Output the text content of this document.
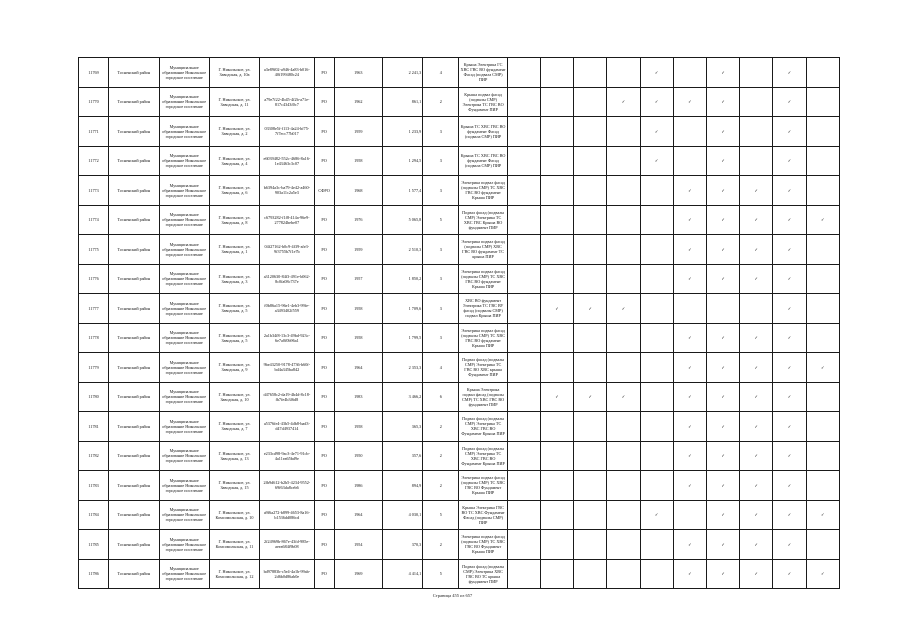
11769	Тосненский район	Муниципальное образование Никольское городское поселение	Г. Никольское, ул. Заводская, д. 10а	a3e89f02-a946-4a83-b016-40f199480c24	РО	1963	2 241,3	4	Крыша Электрика ГС ХВС ГВС ВО фундамент Фасад (подвала СМР) ПИР					✓		✓		✓	
11770	Тосненский район	Муниципальное образование Никольское городское поселение	Г. Никольское, ул. Заводская, д. 11	a79e7f22-4b45-4f2b-a71e-817c4343f0c7	РО	1962	861,1	2	Крыша подвал фасад (подвалы СМР) Электрика ТС ГВС ВО Фундамент ПИР				✓	✓	✓	✓		✓	
11771	Тосненский район	Муниципальное образование Никольское городское поселение	Г. Никольское, ул. Заводская, д. 2	03308e5f-f113-4a24-bf75-7f7ecc77b017	РО	1959	1 233,9	3	Крыша ТС ХВС ГВС ВО фундамент Фасад (подвала СМР) ПИР					✓		✓		✓	
11772	Тосненский район	Муниципальное образование Никольское городское поселение	Г. Никольское, ул. Заводская, д. 4	e6039482-552c-4686-8a16-1e43463c3c07	РО	1958	1 294,5	3	Крыша ТС ХВС ГВС ВО фундамент Фасад (подвала СМР) ПИР					✓		✓		✓	
11773	Тосненский район	Муниципальное образование Никольское городское поселение	Г. Никольское, ул. Заводская, д. 6	b6394a3c-ba79-4e42-a460-903a11c2a5e3	СФРО	1968	1 577,4	3	Электрика подвал фасад (подвалы СМР) ТС ХВС ГВС ВО фундамент Крыша ПИР						✓	✓	✓	✓	
11774	Тосненский район	Муниципальное образование Никольское городское поселение	Г. Никольское, ул. Заводская, д. 8	c6793282-f1f8-414a-96e9-277824bebe07	РО	1976	5 065,8	5	Подвал фасад (подвалы СМР) Электрика ТС ХВС ГВС Крыша ВО фундамент ПИР						✓	✓	✓	✓	✓
11775	Тосненский район	Муниципальное образование Никольское городское поселение	Г. Никольское, ул. Заводская, д. 1	04f27162-b0c9-4f39-afe3-9f3755b7f1e7b	РО	1959	2 510,3	3	Электрика подвал фасад (подвалы СМР) ХВС ГВС ВО фундамент ТС крыша ПИР						✓	✓	✓	✓	
11776	Тосненский район	Муниципальное образование Никольское городское поселение	Г. Никольское, ул. Заводская, д. 3	a3120630-84f3-491e-b062-8c0fa08c737e	РО	1957	1 850,2	3	Электрика подвал фасад (подвалы СМР) ТС ХВС ГВС ВО фундамент Крыша ПИР						✓	✓	✓	✓	
11777	Тосненский район	Муниципальное образование Никольское городское поселение	Г. Никольское, ул. Заводская, д. 5	f0b86a15-96e1-4eb3-99fe-a3493402f559	РО	1958	1 709,6	3	ХВС ВО фундамент Электрика ТС ГВС ВУ фасад (подвалы СМР) подвал Крыша ПИР		✓	✓	✓					✓	
11778	Тосненский район	Муниципальное образование Никольское городское поселение	Г. Никольское, ул. Заводская, д. 5	2a1b34f8-13c3-49bd-923c-6e7a0f0b96a1	РО	1958	1 799,5	3	Электрика подвал фасад (подвалы СМР) ТС ХВС ГВС ВО фундамент Крыша ПИР						✓	✓	✓	✓	
11779	Тосненский район	Муниципальное образование Никольское городское поселение	Г. Никольское, ул. Заводская, д. 9	9be43250-9178-4736-b60f-bd4a345ba842	РО	1964	2 353,3	4	Подвал фасад (подвалы СМР) Электрика ТС ГВС ВО ХВС крыша Фундамент ПИР						✓	✓	✓	✓	✓
11780	Тосненский район	Муниципальное образование Никольское городское поселение	Г. Никольское, ул. Заводская, д. 10	d47658c2-da19-4b4d-8c18-fb7fe4b3f6d8	РО	1983	3 466,2	6	Крыша Электрика подвал фасад (подвалы СМР) ТС ХВС ГВС ВО фундамент ПИР		✓	✓	✓		✓	✓	✓	✓	
11781	Тосненский район	Муниципальное образование Никольское городское поселение	Г. Никольское, ул. Заводская, д. 7	a5376fe4-43b5-4db8-bad3-d47d4937414	РО	1958	365,3	2	Подвал фасад (подвалы СМР) Электрика ТС ХВС ГВС ВО Фундамент Крыша ПИР						✓	✓	✓	✓	
11782	Тосненский район	Муниципальное образование Никольское городское поселение	Г. Никольское, ул. Заводская, д. 13	e233cd98-9ac3-4e71-91cb-4a11ea65bd9e	РО	1950	357,6	2	Подвал фасад (подвалы СМР) Электрика ТС ХВС ГВС ВО Фундамент Крыша ПИР						✓	✓	✓	✓	
11783	Тосненский район	Муниципальное образование Никольское городское поселение	Г. Никольское, ул. Заводская, д. 15	2fb9d612-b2b5-4234-9552-69f63da8ceb6	РО	1986	894,9	2	Электрика подвал фасад (подвалы СМР) ТС ХВС ГВС ВО Фундамент Крыша ПИР						✓	✓	✓	✓	
11784	Тосненский район	Муниципальное образование Никольское городское поселение	Г. Никольское, ул. Комсомольская, д. 10	a9f6a272-b899-4653-8a16-b1536dd086cd	РО	1964	4 030,1	5	Крыша Электрика ГВС ВО ТС ХВС Фундамент Фасад (подвалы СМР) ПИР					✓		✓	✓	✓	✓
11785	Тосненский район	Муниципальное образование Никольское городское поселение	Г. Никольское, ул. Комсомольская, д. 11	2f24969b-867e-43fd-985e-aeea684f9b08	РО	1954	370,3	2	Электрика подвал фасад (подвалы СМР) ТС ХВС ГВС ВО Фундамент Крыша ПИР						✓	✓	✓	✓	
11786	Тосненский район	Муниципальное образование Никольское городское поселение	Г. Никольское, ул. Комсомольская, д. 12	bd97883b-c5e4-4a1b-99ab-2d6b0d86ab0e	РО	1969	4 414,1	5	Подвал фасад (подвалы СМР) Электрика ХВС ГВС ВО ТС крыша фундамент ПИР						✓	✓	✓	✓	✓
Страница 455 из 657
